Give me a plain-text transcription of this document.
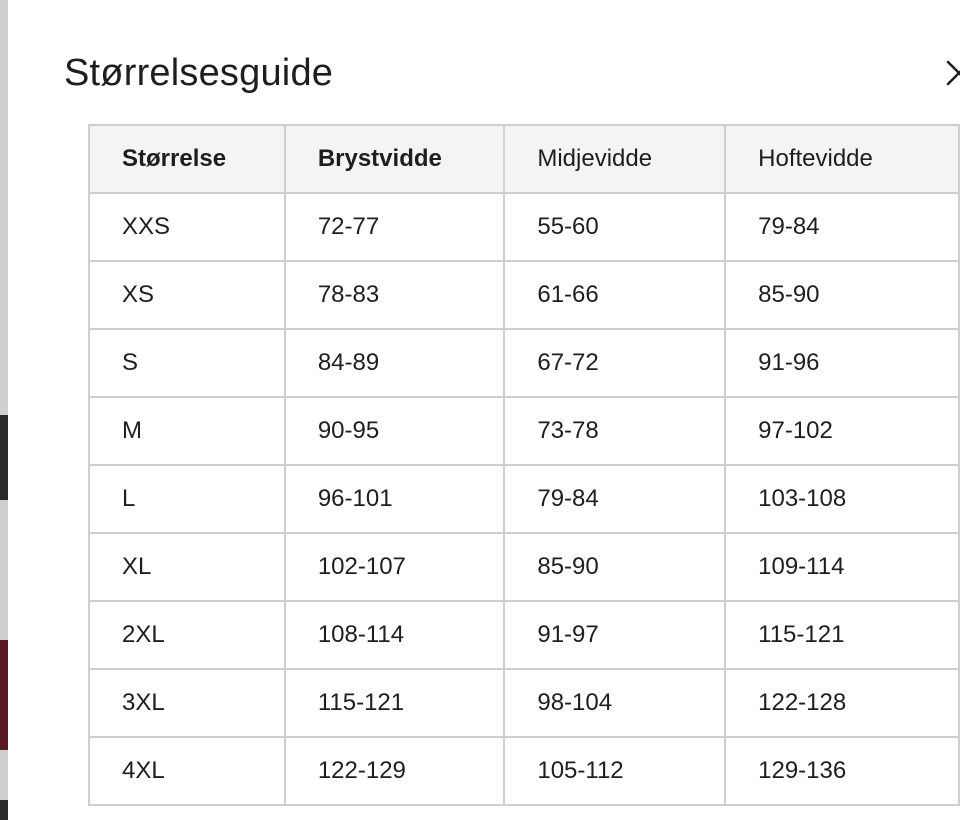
Størrelsesguide
Størrelse	Brystvidde	Midjevidde	Hoftevidde
XXS	72-77	55-60	79-84
XS	78-83	61-66	85-90
S	84-89	67-72	91-96
M	90-95	73-78	97-102
L	96-101	79-84	103-108
XL	102-107	85-90	109-114
2XL	108-114	91-97	115-121
3XL	115-121	98-104	122-128
4XL	122-129	105-112	129-136
